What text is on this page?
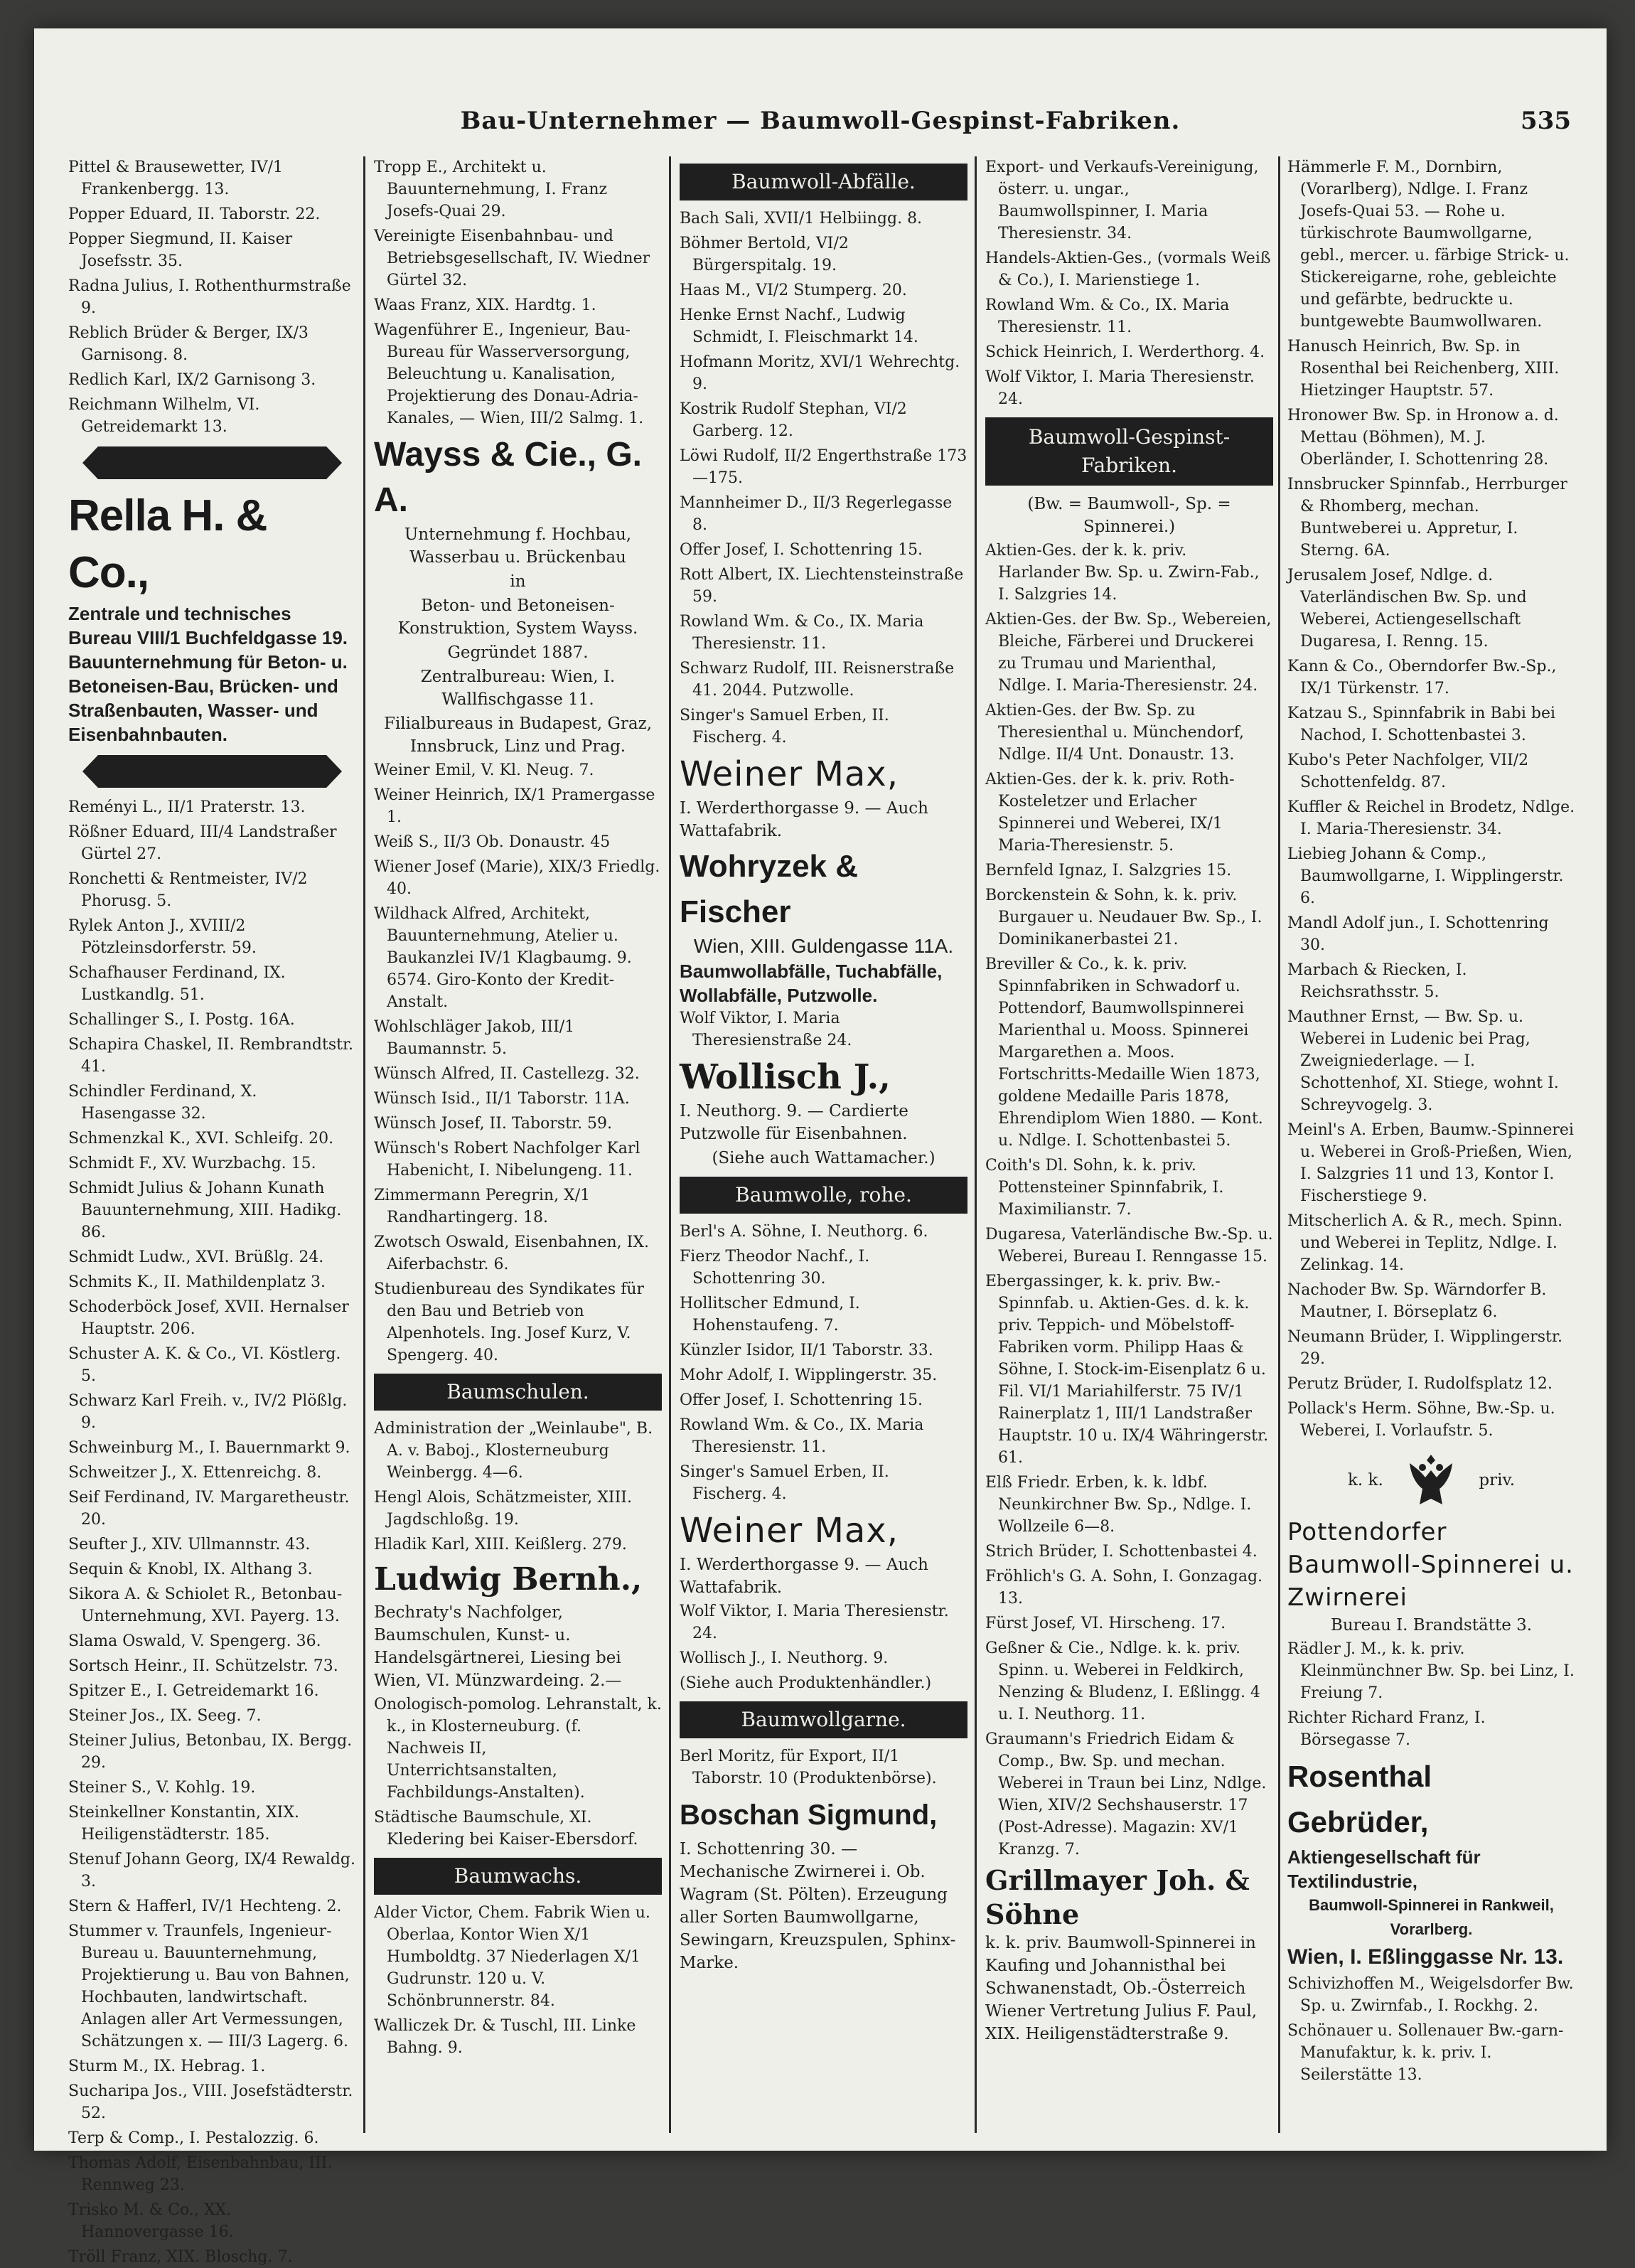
Bau-Unternehmer — Baumwoll-Gespinst-Fabriken.	535
Pittel & Brausewetter, IV/1 Frankenbergg. 13.
Popper Eduard, II. Taborstr. 22.
Popper Siegmund, II. Kaiser Josefsstr. 35.
Radna Julius, I. Rothenthurmstraße 9.
Reblich Brüder & Berger, IX/3 Garnisong. 8.
Redlich Karl, IX/2 Garnisong 3.
Reichmann Wilhelm, VI. Getreidemarkt 13.
Rella H. & Co.,
Zentrale und technisches Bureau VIII/1 Buchfeldgasse 19. Bauunternehmung für Beton- u. Betoneisen-Bau, Brücken- und Straßenbauten, Wasser- und Eisenbahnbauten.
Reményi L., II/1 Praterstr. 13.
Rößner Eduard, III/4 Landstraßer Gürtel 27.
Ronchetti & Rentmeister, IV/2 Phorusg. 5.
Rylek Anton J., XVIII/2 Pötzleinsdorferstr. 59.
Schafhauser Ferdinand, IX. Lustkandlg. 51.
Schallinger S., I. Postg. 16A.
Schapira Chaskel, II. Rembrandtstr. 41.
Schindler Ferdinand, X. Hasengasse 32.
Schmenzkal K., XVI. Schleifg. 20.
Schmidt F., XV. Wurzbachg. 15.
Schmidt Julius & Johann Kunath Bauunternehmung, XIII. Hadikg. 86.
Schmidt Ludw., XVI. Brüßlg. 24.
Schmits K., II. Mathildenplatz 3.
Schoderböck Josef, XVII. Hernalser Hauptstr. 206.
Schuster A. K. & Co., VI. Köstlerg. 5.
Schwarz Karl Freih. v., IV/2 Plößlg. 9.
Schweinburg M., I. Bauernmarkt 9.
Schweitzer J., X. Ettenreichg. 8.
Seif Ferdinand, IV. Margaretheustr. 20.
Seufter J., XIV. Ullmannstr. 43.
Sequin & Knobl, IX. Althang 3.
Sikora A. & Schiolet R., Betonbau-Unternehmung, XVI. Payerg. 13.
Slama Oswald, V. Spengerg. 36.
Sortsch Heinr., II. Schützelstr. 73.
Spitzer E., I. Getreidemarkt 16.
Steiner Jos., IX. Seeg. 7.
Steiner Julius, Betonbau, IX. Bergg. 29.
Steiner S., V. Kohlg. 19.
Steinkellner Konstantin, XIX. Heiligenstädterstr. 185.
Stenuf Johann Georg, IX/4 Rewaldg. 3.
Stern & Hafferl, IV/1 Hechteng. 2.
Stummer v. Traunfels, Ingenieur-Bureau u. Bauunternehmung, Projektierung u. Bau von Bahnen, Hochbauten, landwirtschaft. Anlagen aller Art Vermessungen, Schätzungen x. — III/3 Lagerg. 6.
Sturm M., IX. Hebrag. 1.
Sucharipa Jos., VIII. Josefstädterstr. 52.
Terp & Comp., I. Pestalozzig. 6.
Thomas Adolf, Eisenbahnbau, III. Rennweg 23.
Trisko M. & Co., XX. Hannovergasse 16.
Tröll Franz, XIX. Bloschg. 7.
Tropp E., Architekt u. Bauunternehmung, I. Franz Josefs-Quai 29.
Vereinigte Eisenbahnbau- und Betriebsgesellschaft, IV. Wiedner Gürtel 32.
Waas Franz, XIX. Hardtg. 1.
Wagenführer E., Ingenieur, Bau-Bureau für Wasserversorgung, Beleuchtung u. Kanalisation, Projektierung des Donau-Adria-Kanales, — Wien, III/2 Salmg. 1.
Wayss & Cie., G. A.
Unternehmung f. Hochbau, Wasserbau u. Brückenbau
in
Beton- und Betoneisen-Konstruktion, System Wayss.
Gegründet 1887.
Zentralbureau: Wien, I. Wallfischgasse 11.
Filialbureaus in Budapest, Graz, Innsbruck, Linz und Prag.
Weiner Emil, V. Kl. Neug. 7.
Weiner Heinrich, IX/1 Pramergasse 1.
Weiß S., II/3 Ob. Donaustr. 45
Wiener Josef (Marie), XIX/3 Friedlg. 40.
Wildhack Alfred, Architekt, Bauunternehmung, Atelier u. Baukanzlei IV/1 Klagbaumg. 9. 6574. Giro-Konto der Kredit-Anstalt.
Wohlschläger Jakob, III/1 Baumannstr. 5.
Wünsch Alfred, II. Castellezg. 32.
Wünsch Isid., II/1 Taborstr. 11A.
Wünsch Josef, II. Taborstr. 59.
Wünsch's Robert Nachfolger Karl Habenicht, I. Nibelungeng. 11.
Zimmermann Peregrin, X/1 Randhartingerg. 18.
Zwotsch Oswald, Eisenbahnen, IX. Aiferbachstr. 6.
Studienbureau des Syndikates für den Bau und Betrieb von Alpenhotels. Ing. Josef Kurz, V. Spengerg. 40.
Baumschulen.
Administration der „Weinlaube", B. A. v. Baboj., Klosterneuburg Weinbergg. 4—6.
Hengl Alois, Schätzmeister, XIII. Jagdschloßg. 19.
Hladik Karl, XIII. Keißlerg. 279.
Ludwig Bernh.,
Bechraty's Nachfolger, Baumschulen, Kunst- u. Handelsgärtnerei, Liesing bei Wien, VI. Münzwardeing. 2.—
Onologisch-pomolog. Lehranstalt, k. k., in Klosterneuburg. (f. Nachweis II, Unterrichtsanstalten, Fachbildungs-Anstalten).
Städtische Baumschule, XI. Kledering bei Kaiser-Ebersdorf.
Baumwachs.
Alder Victor, Chem. Fabrik Wien u. Oberlaa, Kontor Wien X/1 Humboldtg. 37 Niederlagen X/1 Gudrunstr. 120 u. V. Schönbrunnerstr. 84.
Walliczek Dr. & Tuschl, III. Linke Bahng. 9.
Baumwoll-Abfälle.
Bach Sali, XVII/1 Helbiingg. 8.
Böhmer Bertold, VI/2 Bürgerspitalg. 19.
Haas M., VI/2 Stumperg. 20.
Henke Ernst Nachf., Ludwig Schmidt, I. Fleischmarkt 14.
Hofmann Moritz, XVI/1 Wehrechtg. 9.
Kostrik Rudolf Stephan, VI/2 Garberg. 12.
Löwi Rudolf, II/2 Engerthstraße 173—175.
Mannheimer D., II/3 Regerlegasse 8.
Offer Josef, I. Schottenring 15.
Rott Albert, IX. Liechtensteinstraße 59.
Rowland Wm. & Co., IX. Maria Theresienstr. 11.
Schwarz Rudolf, III. Reisnerstraße 41. 2044. Putzwolle.
Singer's Samuel Erben, II. Fischerg. 4.
Weiner Max,
I. Werderthorgasse 9. — Auch Wattafabrik.
Wohryzek & Fischer
Wien, XIII. Guldengasse 11A.
Baumwollabfälle, Tuchabfälle, Wollabfälle, Putzwolle.
Wolf Viktor, I. Maria Theresienstraße 24.
Wollisch J.,
I. Neuthorg. 9. — Cardierte Putzwolle für Eisenbahnen.
(Siehe auch Wattamacher.)
Baumwolle, rohe.
Berl's A. Söhne, I. Neuthorg. 6.
Fierz Theodor Nachf., I. Schottenring 30.
Hollitscher Edmund, I. Hohenstaufeng. 7.
Künzler Isidor, II/1 Taborstr. 33.
Mohr Adolf, I. Wipplingerstr. 35.
Offer Josef, I. Schottenring 15.
Rowland Wm. & Co., IX. Maria Theresienstr. 11.
Singer's Samuel Erben, II. Fischerg. 4.
Weiner Max,
I. Werderthorgasse 9. — Auch Wattafabrik.
Wolf Viktor, I. Maria Theresienstr. 24.
Wollisch J., I. Neuthorg. 9.
(Siehe auch Produktenhändler.)
Baumwollgarne.
Berl Moritz, für Export, II/1 Taborstr. 10 (Produktenbörse).
Boschan Sigmund,
I. Schottenring 30. — Mechanische Zwirnerei i. Ob. Wagram (St. Pölten). Erzeugung aller Sorten Baumwollgarne, Sewingarn, Kreuzspulen, Sphinx-Marke.
Export- und Verkaufs-Vereinigung, österr. u. ungar., Baumwollspinner, I. Maria Theresienstr. 34.
Handels-Aktien-Ges., (vormals Weiß & Co.), I. Marienstiege 1.
Rowland Wm. & Co., IX. Maria Theresienstr. 11.
Schick Heinrich, I. Werderthorg. 4.
Wolf Viktor, I. Maria Theresienstr. 24.
Baumwoll-Gespinst-Fabriken.
(Bw. = Baumwoll-, Sp. = Spinnerei.)
Aktien-Ges. der k. k. priv. Harlander Bw. Sp. u. Zwirn-Fab., I. Salzgries 14.
Aktien-Ges. der Bw. Sp., Webereien, Bleiche, Färberei und Druckerei zu Trumau und Marienthal, Ndlge. I. Maria-Theresienstr. 24.
Aktien-Ges. der Bw. Sp. zu Theresienthal u. Münchendorf, Ndlge. II/4 Unt. Donaustr. 13.
Aktien-Ges. der k. k. priv. Roth-Kosteletzer und Erlacher Spinnerei und Weberei, IX/1 Maria-Theresienstr. 5.
Bernfeld Ignaz, I. Salzgries 15.
Borckenstein & Sohn, k. k. priv. Burgauer u. Neudauer Bw. Sp., I. Dominikanerbastei 21.
Breviller & Co., k. k. priv. Spinnfabriken in Schwadorf u. Pottendorf, Baumwollspinnerei Marienthal u. Mooss. Spinnerei Margarethen a. Moos. Fortschritts-Medaille Wien 1873, goldene Medaille Paris 1878, Ehrendiplom Wien 1880. — Kont. u. Ndlge. I. Schottenbastei 5.
Coith's Dl. Sohn, k. k. priv. Pottensteiner Spinnfabrik, I. Maximilianstr. 7.
Dugaresa, Vaterländische Bw.-Sp. u. Weberei, Bureau I. Renngasse 15.
Ebergassinger, k. k. priv. Bw.-Spinnfab. u. Aktien-Ges. d. k. k. priv. Teppich- und Möbelstoff-Fabriken vorm. Philipp Haas & Söhne, I. Stock-im-Eisenplatz 6 u. Fil. VI/1 Mariahilferstr. 75 IV/1 Rainerplatz 1, III/1 Landstraßer Hauptstr. 10 u. IX/4 Währingerstr. 61.
Elß Friedr. Erben, k. k. ldbf. Neunkirchner Bw. Sp., Ndlge. I. Wollzeile 6—8.
Strich Brüder, I. Schottenbastei 4.
Fröhlich's G. A. Sohn, I. Gonzagag. 13.
Fürst Josef, VI. Hirscheng. 17.
Geßner & Cie., Ndlge. k. k. priv. Spinn. u. Weberei in Feldkirch, Nenzing & Bludenz, I. Eßlingg. 4 u. I. Neuthorg. 11.
Graumann's Friedrich Eidam & Comp., Bw. Sp. und mechan. Weberei in Traun bei Linz, Ndlge. Wien, XIV/2 Sechshauserstr. 17 (Post-Adresse). Magazin: XV/1 Kranzg. 7.
Grillmayer Joh. & Söhne
k. k. priv. Baumwoll-Spinnerei in Kaufing und Johannisthal bei Schwanenstadt, Ob.-Österreich Wiener Vertretung Julius F. Paul, XIX. Heiligenstädterstraße 9.
Hämmerle F. M., Dornbirn, (Vorarlberg), Ndlge. I. Franz Josefs-Quai 53. — Rohe u. türkischrote Baumwollgarne, gebl., mercer. u. färbige Strick- u. Stickereigarne, rohe, gebleichte und gefärbte, bedruckte u. buntgewebte Baumwollwaren.
Hanusch Heinrich, Bw. Sp. in Rosenthal bei Reichenberg, XIII. Hietzinger Hauptstr. 57.
Hronower Bw. Sp. in Hronow a. d. Mettau (Böhmen), M. J. Oberländer, I. Schottenring 28.
Innsbrucker Spinnfab., Herrburger & Rhomberg, mechan. Buntweberei u. Appretur, I. Sterng. 6A.
Jerusalem Josef, Ndlge. d. Vaterländischen Bw. Sp. und Weberei, Actiengesellschaft Dugaresa, I. Renng. 15.
Kann & Co., Oberndorfer Bw.-Sp., IX/1 Türkenstr. 17.
Katzau S., Spinnfabrik in Babi bei Nachod, I. Schottenbastei 3.
Kubo's Peter Nachfolger, VII/2 Schottenfeldg. 87.
Kuffler & Reichel in Brodetz, Ndlge. I. Maria-Theresienstr. 34.
Liebieg Johann & Comp., Baumwollgarne, I. Wipplingerstr. 6.
Mandl Adolf jun., I. Schottenring 30.
Marbach & Riecken, I. Reichsrathsstr. 5.
Mauthner Ernst, — Bw. Sp. u. Weberei in Ludenic bei Prag, Zweigniederlage. — I. Schottenhof, XI. Stiege, wohnt I. Schreyvogelg. 3.
Meinl's A. Erben, Baumw.-Spinnerei u. Weberei in Groß-Prießen, Wien, I. Salzgries 11 und 13, Kontor I. Fischerstiege 9.
Mitscherlich A. & R., mech. Spinn. und Weberei in Teplitz, Ndlge. I. Zelinkag. 14.
Nachoder Bw. Sp. Wärndorfer B. Mautner, I. Börseplatz 6.
Neumann Brüder, I. Wipplingerstr. 29.
Perutz Brüder, I. Rudolfsplatz 12.
Pollack's Herm. Söhne, Bw.-Sp. u. Weberei, I. Vorlaufstr. 5.
k. k.	priv.
Pottendorfer Baumwoll-Spinnerei u. Zwirnerei
Bureau I. Brandstätte 3.
Rädler J. M., k. k. priv. Kleinmünchner Bw. Sp. bei Linz, I. Freiung 7.
Richter Richard Franz, I. Börsegasse 7.
Rosenthal Gebrüder,
Aktiengesellschaft für Textilindustrie,
Baumwoll-Spinnerei in Rankweil, Vorarlberg.
Wien, I. Eßlinggasse Nr. 13.
Schivizhoffen M., Weigelsdorfer Bw. Sp. u. Zwirnfab., I. Rockhg. 2.
Schönauer u. Sollenauer Bw.-garn-Manufaktur, k. k. priv. I. Seilerstätte 13.
